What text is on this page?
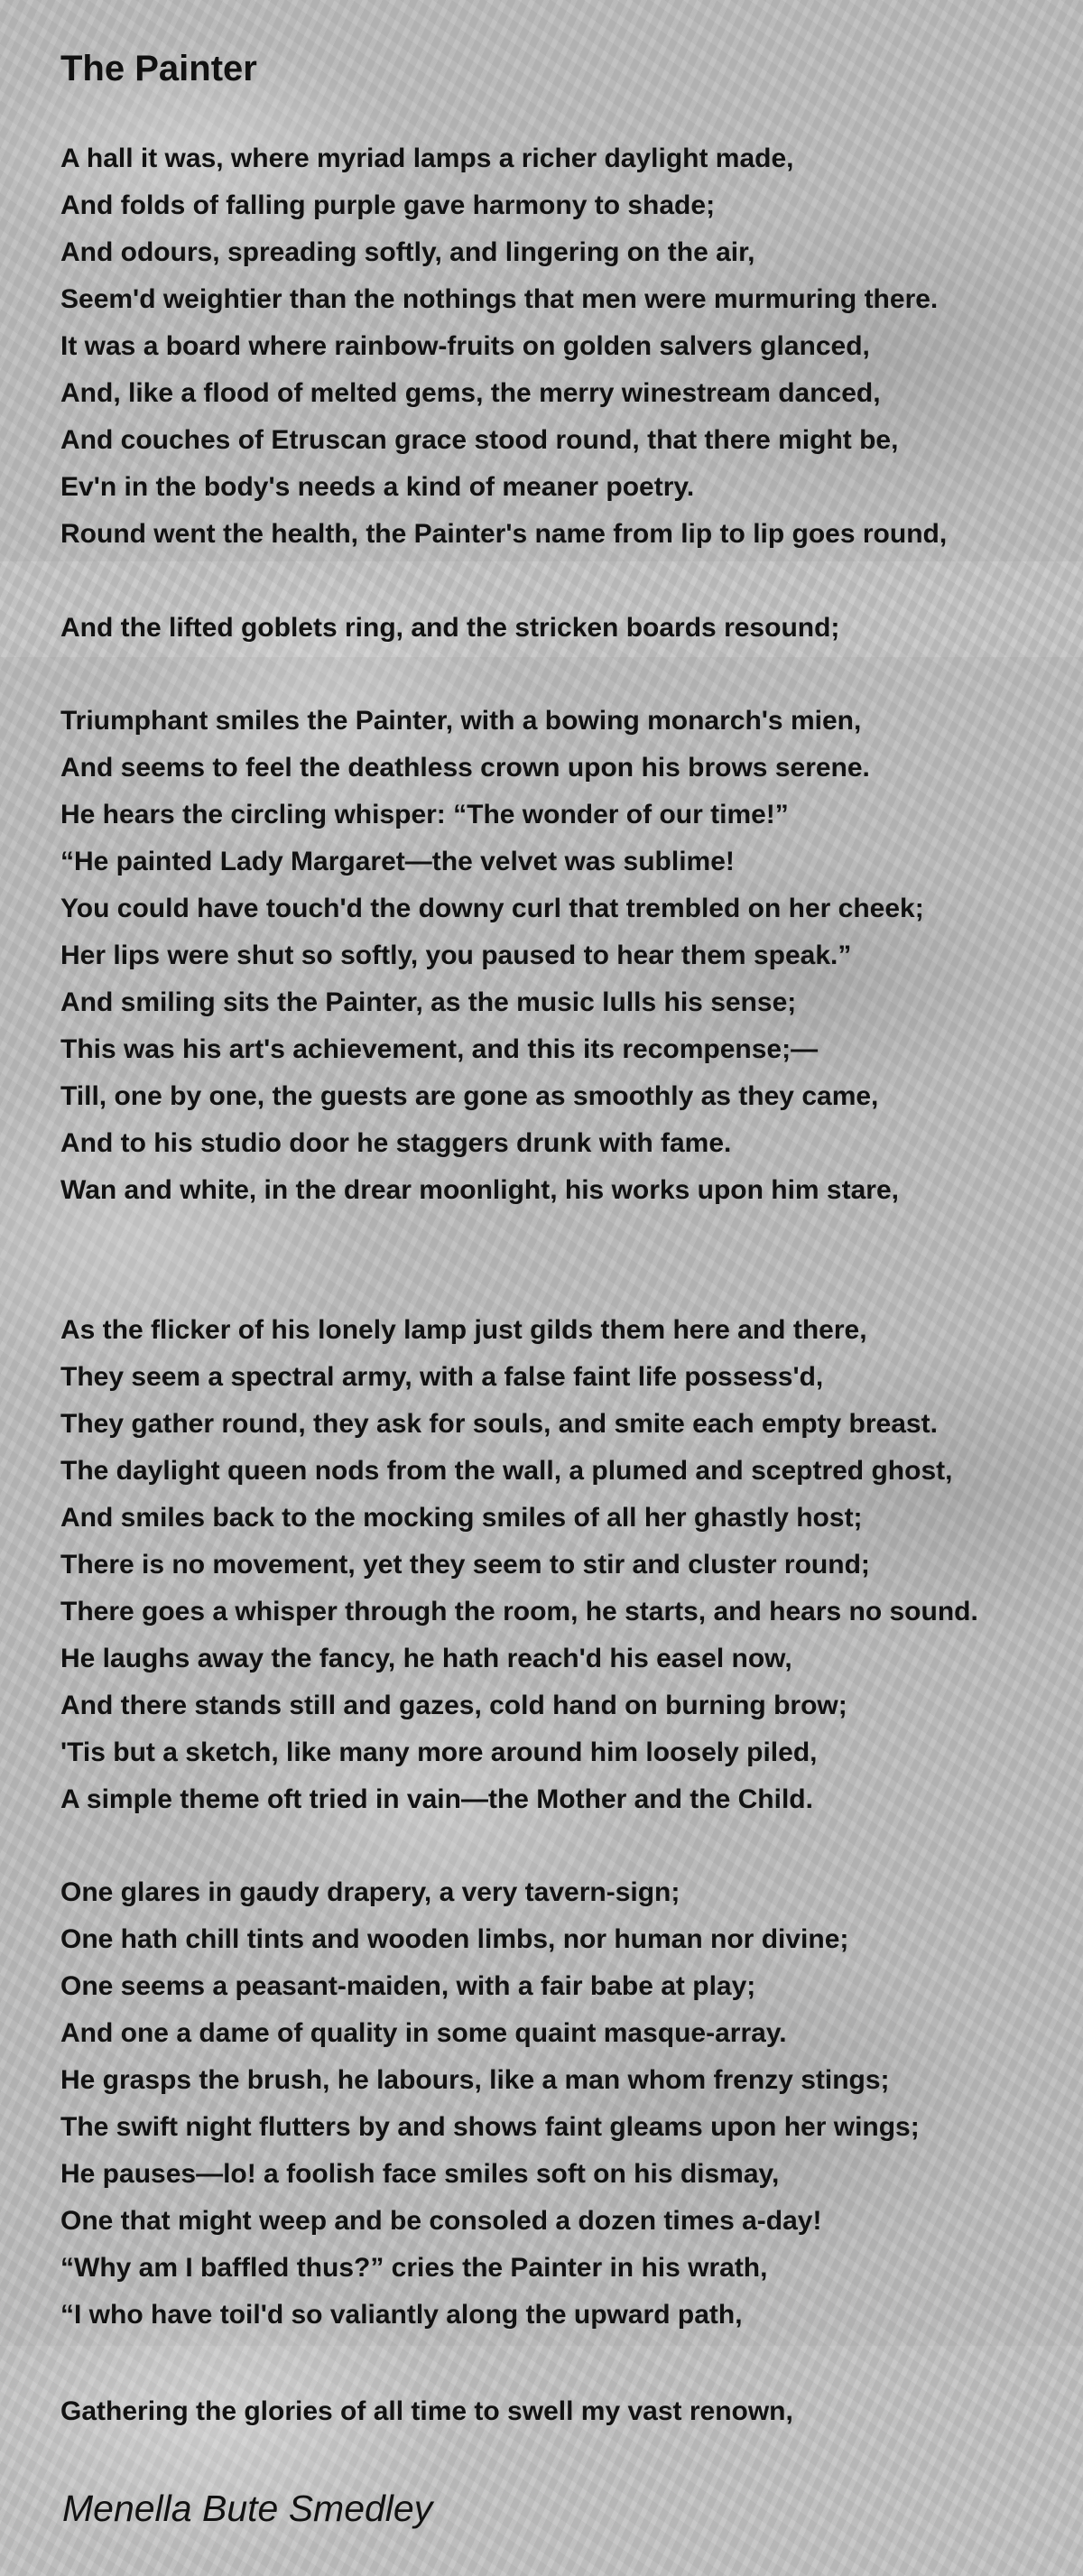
The Painter
A hall it was, where myriad lamps a richer daylight made,
And folds of falling purple gave harmony to shade;
And odours, spreading softly, and lingering on the air,
Seem'd weightier than the nothings that men were murmuring there.
It was a board where rainbow-fruits on golden salvers glanced,
And, like a flood of melted gems, the merry winestream danced,
And couches of Etruscan grace stood round, that there might be,
Ev'n in the body's needs a kind of meaner poetry.
Round went the health, the Painter's name from lip to lip goes round,
And the lifted goblets ring, and the stricken boards resound;
Triumphant smiles the Painter, with a bowing monarch's mien,
And seems to feel the deathless crown upon his brows serene.
He hears the circling whisper: “The wonder of our time!”
“He painted Lady Margaret—the velvet was sublime!
You could have touch'd the downy curl that trembled on her cheek;
Her lips were shut so softly, you paused to hear them speak.”
And smiling sits the Painter, as the music lulls his sense;
This was his art's achievement, and this its recompense;—
Till, one by one, the guests are gone as smoothly as they came,
And to his studio door he staggers drunk with fame.
Wan and white, in the drear moonlight, his works upon him stare,
As the flicker of his lonely lamp just gilds them here and there,
They seem a spectral army, with a false faint life possess'd,
They gather round, they ask for souls, and smite each empty breast.
The daylight queen nods from the wall, a plumed and sceptred ghost,
And smiles back to the mocking smiles of all her ghastly host;
There is no movement, yet they seem to stir and cluster round;
There goes a whisper through the room, he starts, and hears no sound.
He laughs away the fancy, he hath reach'd his easel now,
And there stands still and gazes, cold hand on burning brow;
'Tis but a sketch, like many more around him loosely piled,
A simple theme oft tried in vain—the Mother and the Child.
One glares in gaudy drapery, a very tavern-sign;
One hath chill tints and wooden limbs, nor human nor divine;
One seems a peasant-maiden, with a fair babe at play;
And one a dame of quality in some quaint masque-array.
He grasps the brush, he labours, like a man whom frenzy stings;
The swift night flutters by and shows faint gleams upon her wings;
He pauses—lo! a foolish face smiles soft on his dismay,
One that might weep and be consoled a dozen times a-day!
“Why am I baffled thus?” cries the Painter in his wrath,
“I who have toil'd so valiantly along the upward path,
Gathering the glories of all time to swell my vast renown,

Menella Bute Smedley
